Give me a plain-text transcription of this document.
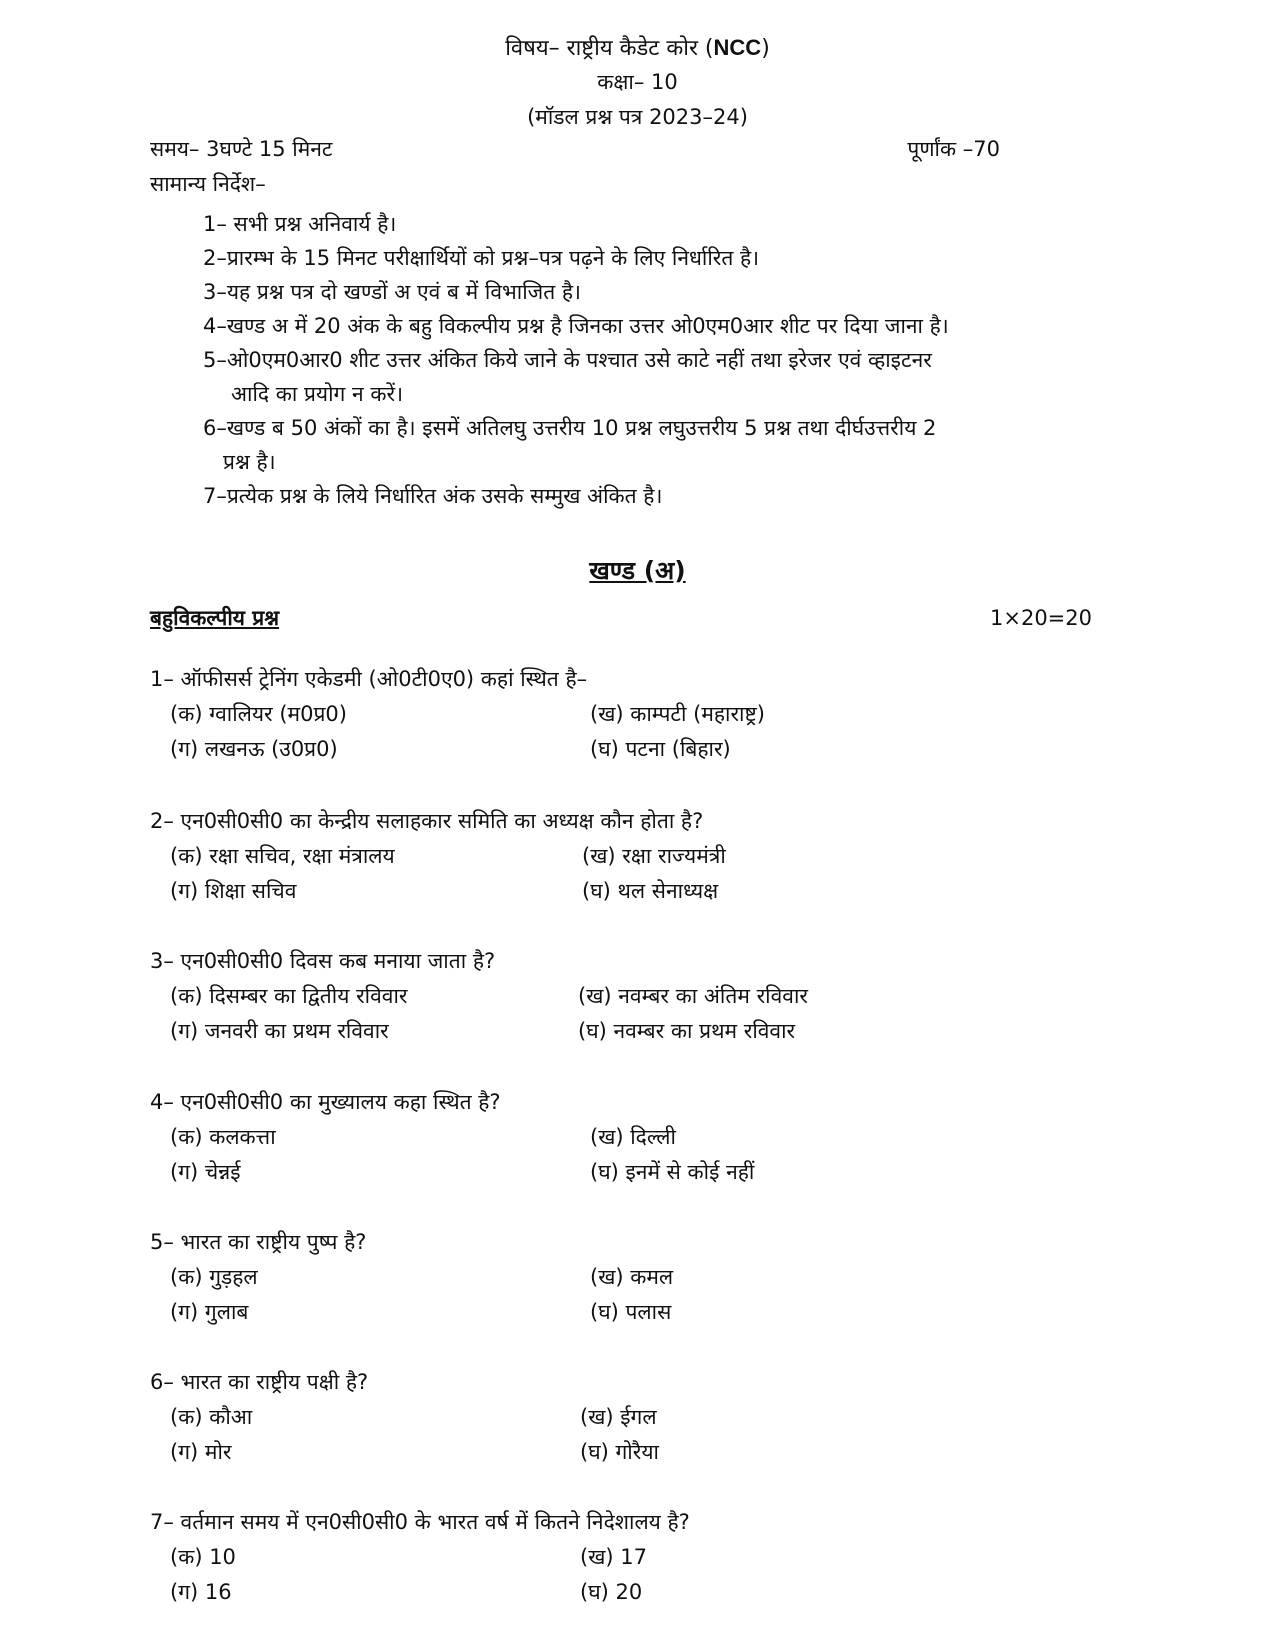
विषय– राष्ट्रीय कैडेट कोर (NCC)
कक्षा– 10
(मॉडल प्रश्न पत्र 2023–24)
समय– 3घण्टे 15 मिनट	पूर्णांक –70
सामान्य निर्देश–
1– सभी प्रश्न अनिवार्य है।
2–प्रारम्भ के 15 मिनट परीक्षार्थियों को प्रश्न–पत्र पढ़ने के लिए निर्धारित है।
3–यह प्रश्न पत्र दो खण्डों अ एवं ब में विभाजित है।
4–खण्ड अ में 20 अंक के बहु विकल्पीय प्रश्न है जिनका उत्तर ओ0एम0आर शीट पर दिया जाना है।
5–ओ0एम0आर0 शीट उत्तर अंकित किये जाने के पश्चात उसे काटे नहीं तथा इरेजर एवं व्हाइटनर
आदि का प्रयोग न करें।
6–खण्ड ब 50 अंकों का है। इसमें अतिलघु उत्तरीय 10 प्रश्न लघुउत्तरीय 5 प्रश्न तथा दीर्घउत्तरीय 2
प्रश्न है।
7–प्रत्येक प्रश्न के लिये निर्धारित अंक उसके सम्मुख अंकित है।
खण्ड (अ)
बहुविकल्पीय प्रश्न	1×20=20
1– ऑफीसर्स ट्रेनिंग एकेडमी (ओ0टी0ए0) कहां स्थित है–
(क) ग्वालियर (म0प्र0)	(ख) काम्पटी (महाराष्ट्र)
(ग) लखनऊ (उ0प्र0)	(घ) पटना (बिहार)
2– एन0सी0सी0 का केन्द्रीय सलाहकार समिति का अध्यक्ष कौन होता है?
(क) रक्षा सचिव, रक्षा मंत्रालय	(ख) रक्षा राज्यमंत्री
(ग) शिक्षा सचिव	(घ) थल सेनाध्यक्ष
3– एन0सी0सी0 दिवस कब मनाया जाता है?
(क) दिसम्बर का द्वितीय रविवार	(ख) नवम्बर का अंतिम रविवार
(ग) जनवरी का प्रथम रविवार	(घ) नवम्बर का प्रथम रविवार
4– एन0सी0सी0 का मुख्यालय कहा स्थित है?
(क) कलकत्ता	(ख) दिल्ली
(ग) चेन्नई	(घ) इनमें से कोई नहीं
5– भारत का राष्ट्रीय पुष्प है?
(क) गुड़हल	(ख) कमल
(ग) गुलाब	(घ) पलास
6– भारत का राष्ट्रीय पक्षी है?
(क) कौआ	(ख) ईगल
(ग) मोर	(घ) गोरैया
7– वर्तमान समय में एन0सी0सी0 के भारत वर्ष में कितने निदेशालय है?
(क) 10	(ख) 17
(ग) 16	(घ) 20
